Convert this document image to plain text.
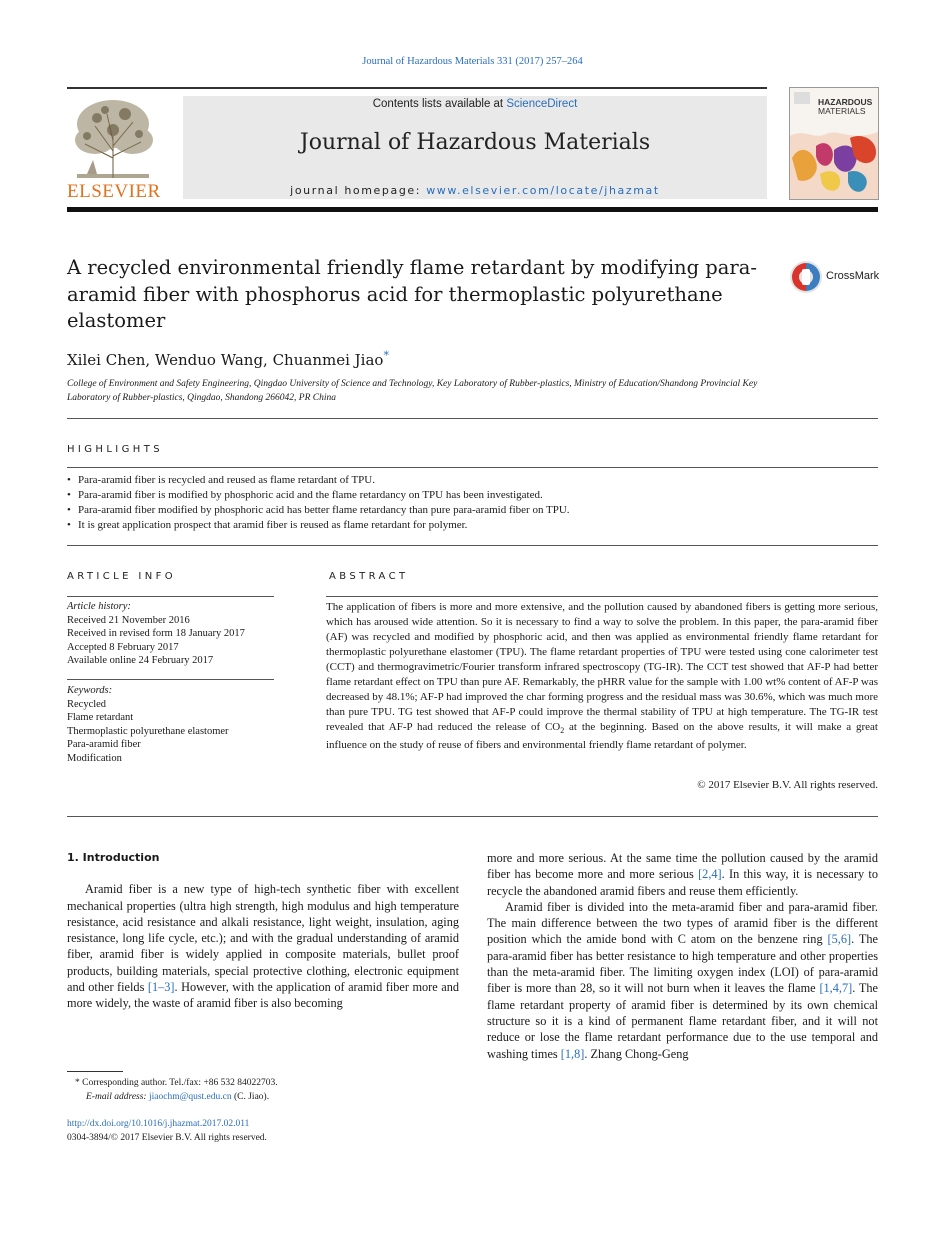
Journal of Hazardous Materials 331 (2017) 257–264
ELSEVIER
Contents lists available at ScienceDirect
Journal of Hazardous Materials
journal homepage: www.elsevier.com/locate/jhazmat
HAZARDOUS
MATERIALS
A recycled environmental friendly flame retardant by modifying para-aramid fiber with phosphorus acid for thermoplastic polyurethane elastomer
CrossMark
Xilei Chen, Wenduo Wang, Chuanmei Jiao*
College of Environment and Safety Engineering, Qingdao University of Science and Technology, Key Laboratory of Rubber-plastics, Ministry of Education/Shandong Provincial Key Laboratory of Rubber-plastics, Qingdao, Shandong 266042, PR China
HIGHLIGHTS
• Para-aramid fiber is recycled and reused as flame retardant of TPU.
• Para-aramid fiber is modified by phosphoric acid and the flame retardancy on TPU has been investigated.
• Para-aramid fiber modified by phosphoric acid has better flame retardancy than pure para-aramid fiber on TPU.
• It is great application prospect that aramid fiber is reused as flame retardant for polymer.
ARTICLE INFO
Article history:
Received 21 November 2016
Received in revised form 18 January 2017
Accepted 8 February 2017
Available online 24 February 2017
Keywords:
Recycled
Flame retardant
Thermoplastic polyurethane elastomer
Para-aramid fiber
Modification
ABSTRACT
The application of fibers is more and more extensive, and the pollution caused by abandoned fibers is getting more serious, which has aroused wide attention. So it is necessary to find a way to solve the problem. In this paper, the para-aramid fiber (AF) was recycled and modified by phosphoric acid, and then was applied as environmental friendly flame retardant for thermoplastic polyurethane elastomer (TPU). The flame retardant properties of TPU were tested using cone calorimeter test (CCT) and thermogravimetric/Fourier transform infrared spectroscopy (TG-IR). The CCT test showed that AF-P had better flame retardant effect on TPU than pure AF. Remarkably, the pHRR value for the sample with 1.00 wt% content of AF-P was decreased by 48.1%; AF-P had improved the char forming progress and the residual mass was 30.6%, which was much more than pure TPU. TG test showed that AF-P could improve the thermal stability of TPU at high temperature. The TG-IR test revealed that AF-P had reduced the release of $CO_2$ at the beginning. Based on the above results, it will make a great influence on the study of reuse of fibers and environmental friendly flame retardant of polymer.
© 2017 Elsevier B.V. All rights reserved.
1. Introduction

Aramid fiber is a new type of high-tech synthetic fiber with excellent mechanical properties (ultra high strength, high modulus and high temperature resistance, acid resistance and alkali resistance, light weight, insulation, aging resistance, long life cycle, etc.); and with the gradual understanding of aramid fiber, aramid fiber is widely applied in composite materials, bullet proof products, building materials, special protective clothing, electronic equipment and other fields [1–3]. However, with the application of aramid fiber more and more widely, the waste of aramid fiber is also becoming

more and more serious. At the same time the pollution caused by the aramid fiber has become more and more serious [2,4]. In this way, it is necessary to recycle the abandoned aramid fibers and reuse them efficiently.

Aramid fiber is divided into the meta-aramid fiber and para-aramid fiber. The main difference between the two types of aramid fiber is the different position which the amide bond with C atom on the benzene ring [5,6]. The para-aramid fiber has better resistance to high temperature and other properties than the meta-aramid fiber. The limiting oxygen index (LOI) of para-aramid fiber is more than 28, so it will not burn when it leaves the flame [1,4,7]. The flame retardant property of aramid fiber is determined by its own chemical structure so it is a kind of permanent flame retardant fiber, and it will not reduce or lose the flame retardant performance due to the use temporal and washing times [1,8]. Zhang Chong-Geng

* Corresponding author. Tel./fax: +86 532 84022703.
E-mail address: jiaochm@qust.edu.cn (C. Jiao).
http://dx.doi.org/10.1016/j.jhazmat.2017.02.011
0304-3894/© 2017 Elsevier B.V. All rights reserved.
